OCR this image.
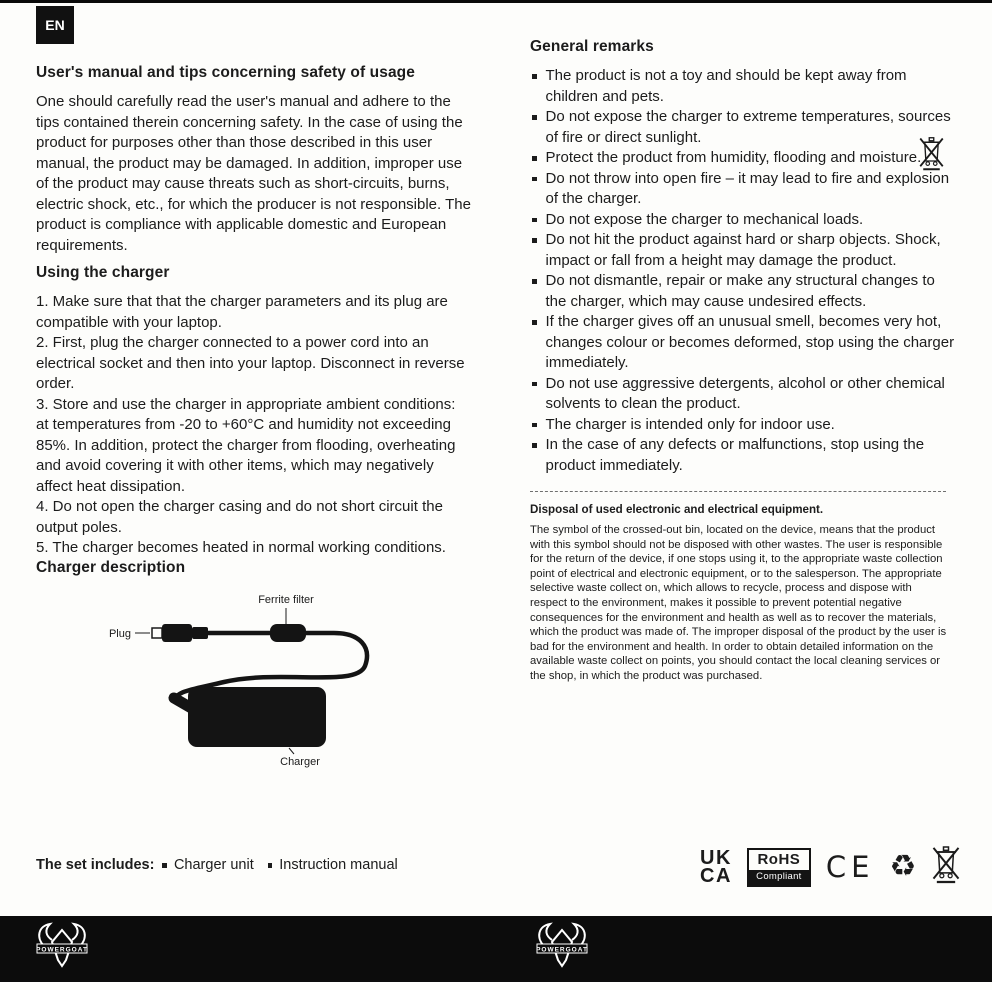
EN
User's manual and tips concerning safety of usage

One should carefully read the user's manual and adhere to the tips contained therein concerning safety. In the case of using the product for purposes other than those described in this user manual, the product may be damaged. In addition, improper use of the product may cause threats such as short-circuits, burns, electric shock, etc., for which the producer is not responsible. The product is compliance with applicable domestic and European requirements.

Using the charger

1. Make sure that that the charger parameters and its plug are compatible with your laptop.

2. First, plug the charger connected to a power cord into an electrical socket and then into your laptop. Disconnect in reverse order.

3. Store and use the charger in appropriate ambient conditions: at temperatures from -20 to +60°C and humidity not exceeding 85%. In addition, protect the charger from flooding, overheating and avoid covering it with other items, which may negatively affect heat dissipation.

4. Do not open the charger casing and do not short circuit the output poles.

5. The charger becomes heated in normal working conditions.

Charger description
Ferrite filter
Plug
Charger
The set includes: Charger unit Instruction manual
General remarks
The product is not a toy and should be kept away from children and pets.
Do not expose the charger to extreme temperatures, sources of fire or direct sunlight.
Protect the product from humidity, flooding and moisture.
Do not throw into open fire – it may lead to fire and explosion of the charger.
Do not expose the charger to mechanical loads.
Do not hit the product against hard or sharp objects. Shock, impact or fall from a height may damage the product.
Do not dismantle, repair or make any structural changes to the charger, which may cause undesired effects.
If the charger gives off an unusual smell, becomes very hot, changes colour or becomes deformed, stop using the charger immediately.
Do not use aggressive detergents, alcohol or other chemical solvents to clean the product.
The charger is intended only for indoor use.
In the case of any defects or malfunctions, stop using the product immediately.
Disposal of used electronic and electrical equipment.

The symbol of the crossed-out bin, located on the device, means that the product with this symbol should not be disposed with other wastes. The user is responsible for the return of the device, if one stops using it, to the appropriate waste collection point of electrical and electronic equipment, or to the salesperson. The appropriate selective waste collect on, which allows to recycle, process and dispose with respect to the environment, makes it possible to prevent potential negative consequences for the environment and health as well as to recover the materials, which the product was made of. The improper disposal of the product by the user is bad for the environment and health. In order to obtain detailed information on the available waste collect on points, you should contact the local cleaning services or the shop, in which the product was purchased.

UK
CA
RoHS
Compliant CE ♻
POWERGOAT	POWERGOAT
